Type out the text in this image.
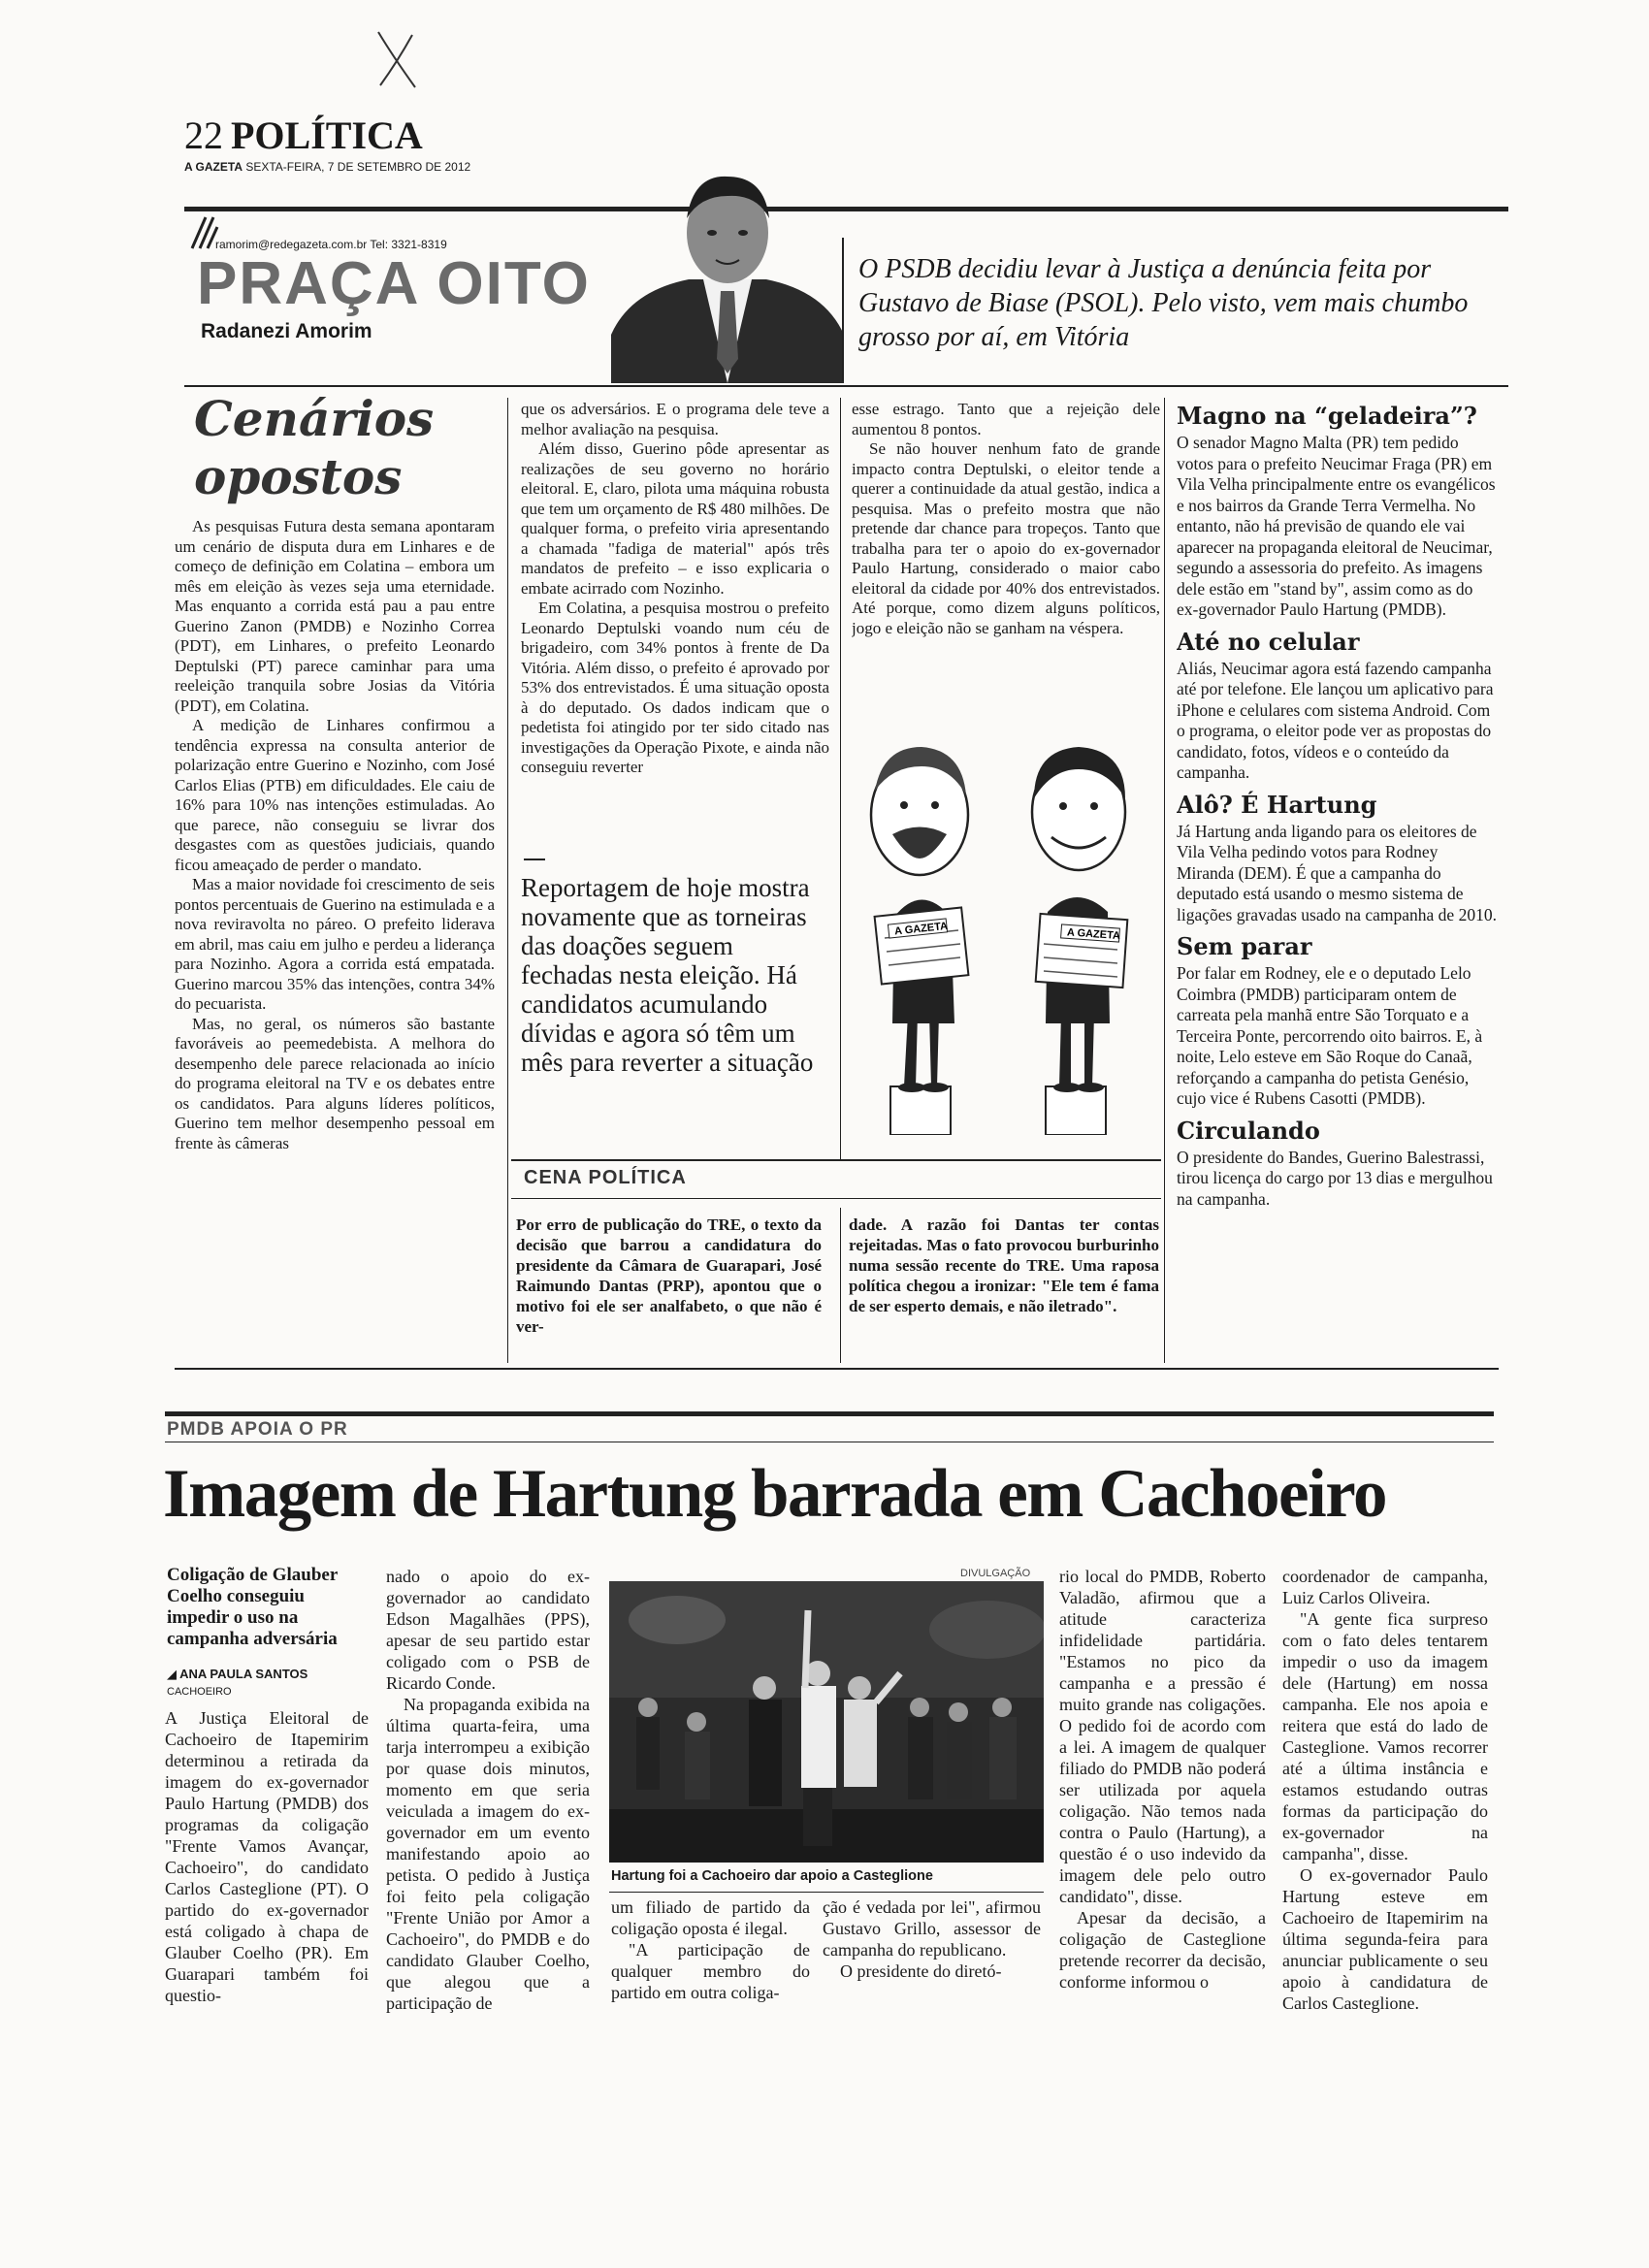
22 POLÍTICA
A GAZETA SEXTA-FEIRA, 7 DE SETEMBRO DE 2012
ramorim@redegazeta.com.br Tel: 3321-8319
PRAÇA OITO
Radanezi Amorim
O PSDB decidiu levar à Justiça a denúncia feita por Gustavo de Biase (PSOL). Pelo visto, vem mais chumbo grosso por aí, em Vitória
Cenários
opostos

As pesquisas Futura desta semana apontaram um cenário de disputa dura em Linhares e de começo de definição em Colatina – embora um mês em eleição às vezes seja uma eternidade. Mas enquanto a corrida está pau a pau entre Guerino Zanon (PMDB) e Nozinho Correa (PDT), em Linhares, o prefeito Leonardo Deptulski (PT) parece caminhar para uma reeleição tranquila sobre Josias da Vitória (PDT), em Colatina.

A medição de Linhares confirmou a tendência expressa na consulta anterior de polarização entre Guerino e Nozinho, com José Carlos Elias (PTB) em dificuldades. Ele caiu de 16% para 10% nas intenções estimuladas. Ao que parece, não conseguiu se livrar dos desgastes com as questões judiciais, quando ficou ameaçado de perder o mandato.

Mas a maior novidade foi crescimento de seis pontos percentuais de Guerino na estimulada e a nova reviravolta no páreo. O prefeito liderava em abril, mas caiu em julho e perdeu a liderança para Nozinho. Agora a corrida está empatada. Guerino marcou 35% das intenções, contra 34% do pecuarista.

Mas, no geral, os números são bastante favoráveis ao peemedebista. A melhora do desempenho dele parece relacionada ao início do programa eleitoral na TV e os debates entre os candidatos. Para alguns líderes políticos, Guerino tem melhor desempenho pessoal em frente às câmeras

que os adversários. E o programa dele teve a melhor avaliação na pesquisa.

Além disso, Guerino pôde apresentar as realizações de seu governo no horário eleitoral. E, claro, pilota uma máquina robusta que tem um orçamento de R$ 480 milhões. De qualquer forma, o prefeito viria apresentando a chamada "fadiga de material" após três mandatos de prefeito – e isso explicaria o embate acirrado com Nozinho.

Em Colatina, a pesquisa mostrou o prefeito Leonardo Deptulski voando num céu de brigadeiro, com 34% pontos à frente de Da Vitória. Além disso, o prefeito é aprovado por 53% dos entrevistados. É uma situação oposta à do deputado. Os dados indicam que o pedetista foi atingido por ter sido citado nas investigações da Operação Pixote, e ainda não conseguiu reverter

Reportagem de hoje mostra novamente que as torneiras das doações seguem fechadas nesta eleição. Há candidatos acumulando dívidas e agora só têm um mês para reverter a situação

esse estrago. Tanto que a rejeição dele aumentou 8 pontos.

Se não houver nenhum fato de grande impacto contra Deptulski, o eleitor tende a querer a continuidade da atual gestão, indica a pesquisa. Mas o prefeito mostra que não pretende dar chance para tropeços. Tanto que trabalha para ter o apoio do ex-governador Paulo Hartung, considerado o maior cabo eleitoral da cidade por 40% dos entrevistados. Até porque, como dizem alguns políticos, jogo e eleição não se ganham na véspera.

A GAZETA	A GAZETA
CENA POLÍTICA

Por erro de publicação do TRE, o texto da decisão que barrou a candidatura do presidente da Câmara de Guarapari, José Raimundo Dantas (PRP), apontou que o motivo foi ele ser analfabeto, o que não é ver-

dade. A razão foi Dantas ter contas rejeitadas. Mas o fato provocou burburinho numa sessão recente do TRE. Uma raposa política chegou a ironizar: "Ele tem é fama de ser esperto demais, e não iletrado".

Magno na “geladeira”?

O senador Magno Malta (PR) tem pedido votos para o prefeito Neucimar Fraga (PR) em Vila Velha principalmente entre os evangélicos e nos bairros da Grande Terra Vermelha. No entanto, não há previsão de quando ele vai aparecer na propaganda eleitoral de Neucimar, segundo a assessoria do prefeito. As imagens dele estão em "stand by", assim como as do ex-governador Paulo Hartung (PMDB).

Até no celular

Aliás, Neucimar agora está fazendo campanha até por telefone. Ele lançou um aplicativo para iPhone e celulares com sistema Android. Com o programa, o eleitor pode ver as propostas do candidato, fotos, vídeos e o conteúdo da campanha.

Alô? É Hartung

Já Hartung anda ligando para os eleitores de Vila Velha pedindo votos para Rodney Miranda (DEM). É que a campanha do deputado está usando o mesmo sistema de ligações gravadas usado na campanha de 2010.

Sem parar

Por falar em Rodney, ele e o deputado Lelo Coimbra (PMDB) participaram ontem de carreata pela manhã entre São Torquato e a Terceira Ponte, percorrendo oito bairros. E, à noite, Lelo esteve em São Roque do Canaã, reforçando a campanha do petista Genésio, cujo vice é Rubens Casotti (PMDB).

Circulando

O presidente do Bandes, Guerino Balestrassi, tirou licença do cargo por 13 dias e mergulhou na campanha.

PMDB APOIA O PR
Imagem de Hartung barrada em Cachoeiro
Coligação de Glauber Coelho conseguiu impedir o uso na campanha adversária
◢ ANA PAULA SANTOS
CACHOEIRO

A Justiça Eleitoral de Cachoeiro de Itapemirim determinou a retirada da imagem do ex-governador Paulo Hartung (PMDB) dos programas da coligação "Frente Vamos Avançar, Cachoeiro", do candidato Carlos Casteglione (PT). O partido do ex-governador está coligado à chapa de Glauber Coelho (PR). Em Guarapari também foi questio-

nado o apoio do ex-governador ao candidato Edson Magalhães (PPS), apesar de seu partido estar coligado com o PSB de Ricardo Conde.

Na propaganda exibida na última quarta-feira, uma tarja interrompeu a exibição por quase dois minutos, momento em que seria veiculada a imagem do ex-governador em um evento manifestando apoio ao petista. O pedido à Justiça foi feito pela coligação "Frente União por Amor a Cachoeiro", do PMDB e do candidato Glauber Coelho, que alegou que a participação de

DIVULGAÇÃO
Hartung foi a Cachoeiro dar apoio a Casteglione

um filiado de partido da coligação oposta é ilegal.

"A participação de qualquer membro do partido em outra coliga-

ção é vedada por lei", afirmou Gustavo Grillo, assessor de campanha do republicano.

O presidente do diretó-

rio local do PMDB, Roberto Valadão, afirmou que a atitude caracteriza infidelidade partidária. "Estamos no pico da campanha e a pressão é muito grande nas coligações. O pedido foi de acordo com a lei. A imagem de qualquer filiado do PMDB não poderá ser utilizada por aquela coligação. Não temos nada contra o Paulo (Hartung), a questão é o uso indevido da imagem dele pelo outro candidato", disse.

Apesar da decisão, a coligação de Casteglione pretende recorrer da decisão, conforme informou o

coordenador de campanha, Luiz Carlos Oliveira.

"A gente fica surpreso com o fato deles tentarem impedir o uso da imagem dele (Hartung) em nossa campanha. Ele nos apoia e reitera que está do lado de Casteglione. Vamos recorrer até a última instância e estamos estudando outras formas da participação do ex-governador na campanha", disse.

O ex-governador Paulo Hartung esteve em Cachoeiro de Itapemirim na última segunda-feira para anunciar publicamente o seu apoio à candidatura de Carlos Casteglione.
